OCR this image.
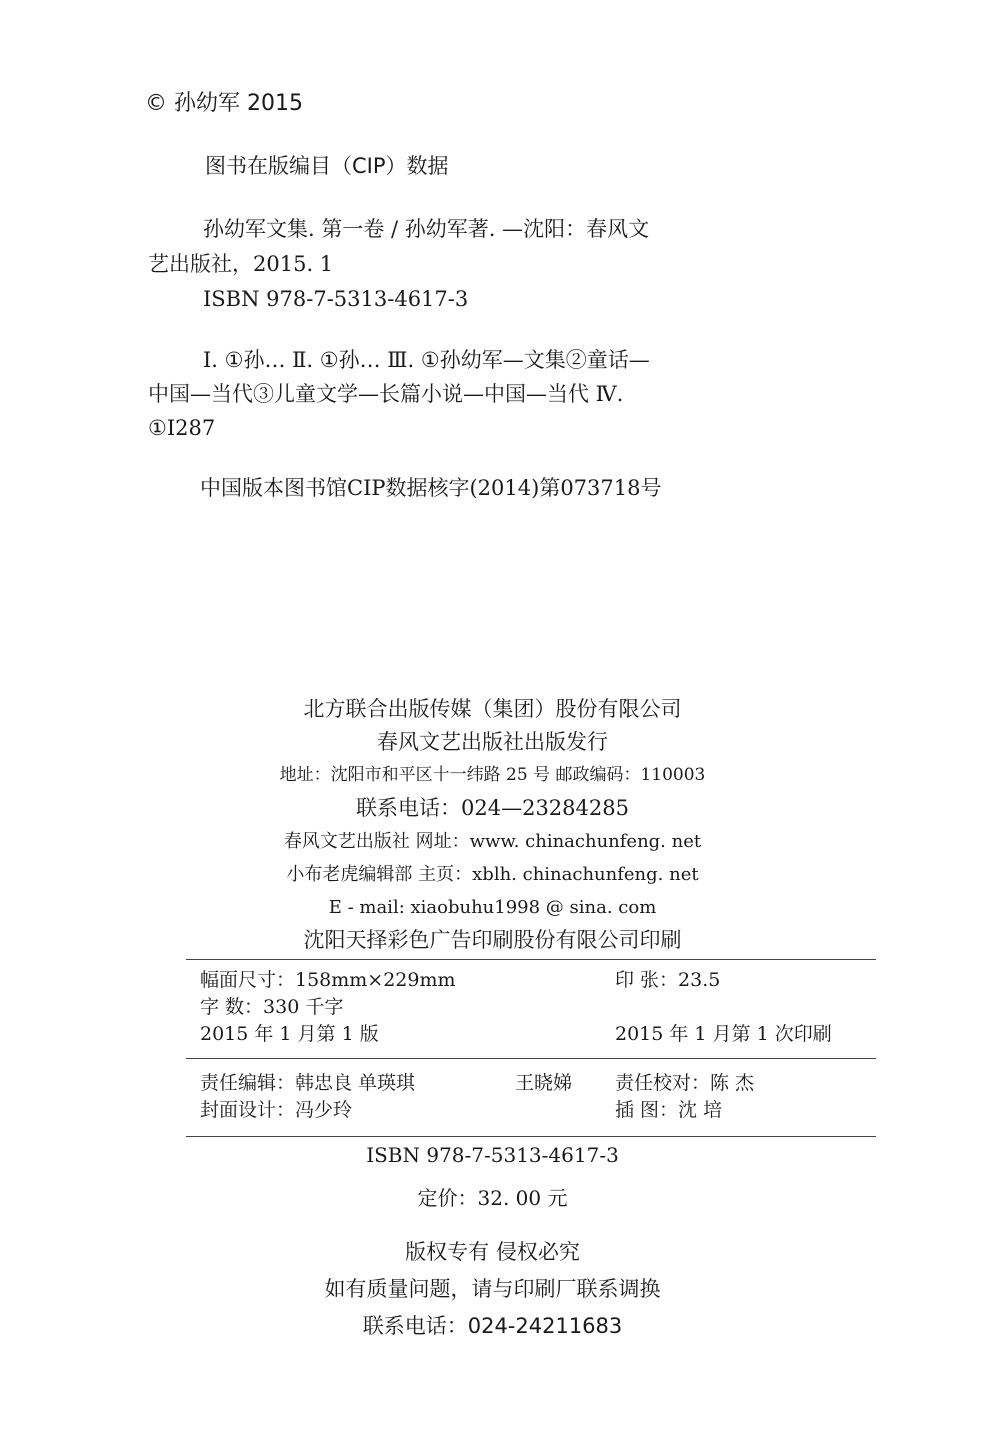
© 孙幼军 2015
图书在版编目（CIP）数据
孙幼军文集. 第一卷 / 孙幼军著. —沈阳：春风文
艺出版社，2015. 1
ISBN 978-7-5313-4617-3
Ⅰ. ①孙… Ⅱ. ①孙… Ⅲ. ①孙幼军—文集②童话—
中国—当代③儿童文学—长篇小说—中国—当代 Ⅳ.
①I287
中国版本图书馆CIP数据核字(2014)第073718号
北方联合出版传媒（集团）股份有限公司
春风文艺出版社出版发行
地址：沈阳市和平区十一纬路 25 号 邮政编码：110003
联系电话：024—23284285
春风文艺出版社 网址：www. chinachunfeng. net
小布老虎编辑部 主页：xblh. chinachunfeng. net
E - mail: xiaobuhu1998 @ sina. com
沈阳天择彩色广告印刷股份有限公司印刷
幅面尺寸：158mm×229mm
字 数：330 千字
2015 年 1 月第 1 版
印 张：23.5
2015 年 1 月第 1 次印刷
责任编辑：韩忠良 单瑛琪
封面设计：冯少玲
王晓娣 责任校对：陈 杰
插 图：沈 培
ISBN 978-7-5313-4617-3
定价：32. 00 元
版权专有 侵权必究
如有质量问题，请与印刷厂联系调换
联系电话：024-24211683
